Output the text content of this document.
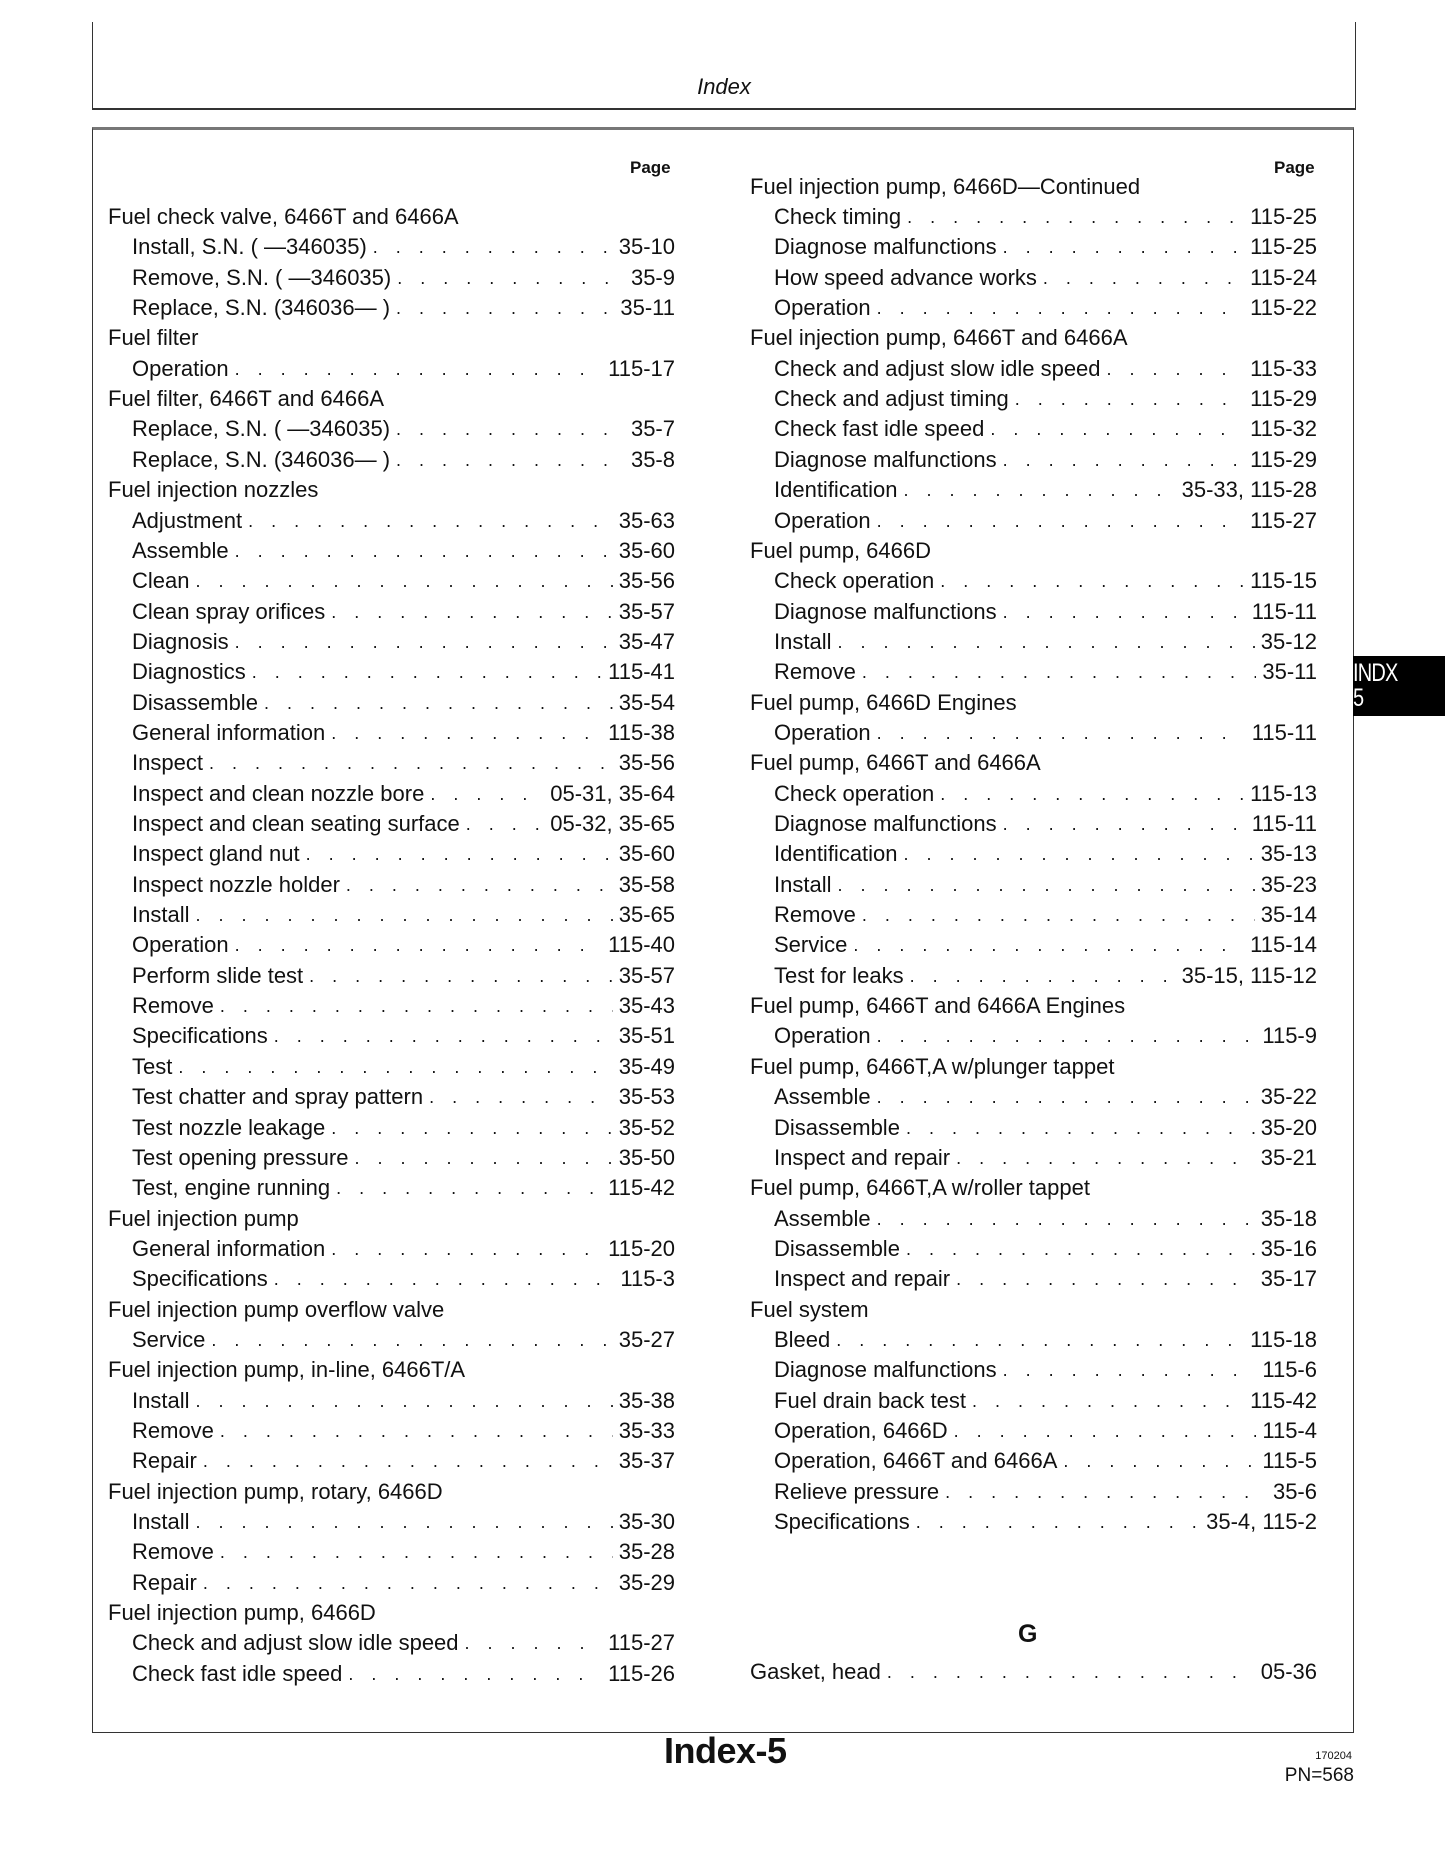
Index
Page	Page
Fuel injection pump, 6466D—Continued
Fuel check valve, 6466T and 6466A
Install, S.N. ( —346035) . . .	35-10
Remove, S.N. ( —346035) . . .	35-9
Replace, S.N. (346036— ) . . .	35-11
Fuel filter
Operation . . .	115-17
Fuel filter, 6466T and 6466A
Replace, S.N. ( —346035) . . .	35-7
Replace, S.N. (346036— ) . . .	35-8
Fuel injection nozzles
Adjustment . . .	35-63
Assemble . . .	35-60
Clean . . .	35-56
Clean spray orifices . . .	35-57
Diagnosis . . .	35-47
Diagnostics . . .	115-41
Disassemble . . .	35-54
General information . . .	115-38
Inspect . . .	35-56
Inspect and clean nozzle bore . . .	05-31, 35-64
Inspect and clean seating surface . . .	05-32, 35-65
Inspect gland nut . . .	35-60
Inspect nozzle holder . . .	35-58
Install . . .	35-65
Operation . . .	115-40
Perform slide test . . .	35-57
Remove . . .	35-43
Specifications . . .	35-51
Test . . .	35-49
Test chatter and spray pattern . . .	35-53
Test nozzle leakage . . .	35-52
Test opening pressure . . .	35-50
Test, engine running . . .	115-42
Fuel injection pump
General information . . .	115-20
Specifications . . .	115-3
Fuel injection pump overflow valve
Service . . .	35-27
Fuel injection pump, in-line, 6466T/A
Install . . .	35-38
Remove . . .	35-33
Repair . . .	35-37
Fuel injection pump, rotary, 6466D
Install . . .	35-30
Remove . . .	35-28
Repair . . .	35-29
Fuel injection pump, 6466D
Check and adjust slow idle speed . . .	115-27
Check fast idle speed . . .	115-26
Check timing . . .	115-25
Diagnose malfunctions . . .	115-25
How speed advance works . . .	115-24
Operation . . .	115-22
Fuel injection pump, 6466T and 6466A
Check and adjust slow idle speed . . .	115-33
Check and adjust timing . . .	115-29
Check fast idle speed . . .	115-32
Diagnose malfunctions . . .	115-29
Identification . . .	35-33, 115-28
Operation . . .	115-27
Fuel pump, 6466D
Check operation . . .	115-15
Diagnose malfunctions . . .	115-11
Install . . .	35-12
Remove . . .	35-11
Fuel pump, 6466D Engines
Operation . . .	115-11
Fuel pump, 6466T and 6466A
Check operation . . .	115-13
Diagnose malfunctions . . .	115-11
Identification . . .	35-13
Install . . .	35-23
Remove . . .	35-14
Service . . .	115-14
Test for leaks . . .	35-15, 115-12
Fuel pump, 6466T and 6466A Engines
Operation . . .	115-9
Fuel pump, 6466T,A w/plunger tappet
Assemble . . .	35-22
Disassemble . . .	35-20
Inspect and repair . . .	35-21
Fuel pump, 6466T,A w/roller tappet
Assemble . . .	35-18
Disassemble . . .	35-16
Inspect and repair . . .	35-17
Fuel system
Bleed . . .	115-18
Diagnose malfunctions . . .	115-6
Fuel drain back test . . .	115-42
Operation, 6466D . . .	115-4
Operation, 6466T and 6466A . . .	115-5
Relieve pressure . . .	35-6
Specifications . . .	35-4, 115-2
G
Gasket, head . . .	05-36
INDX
5
Index-5	170204
PN=568
